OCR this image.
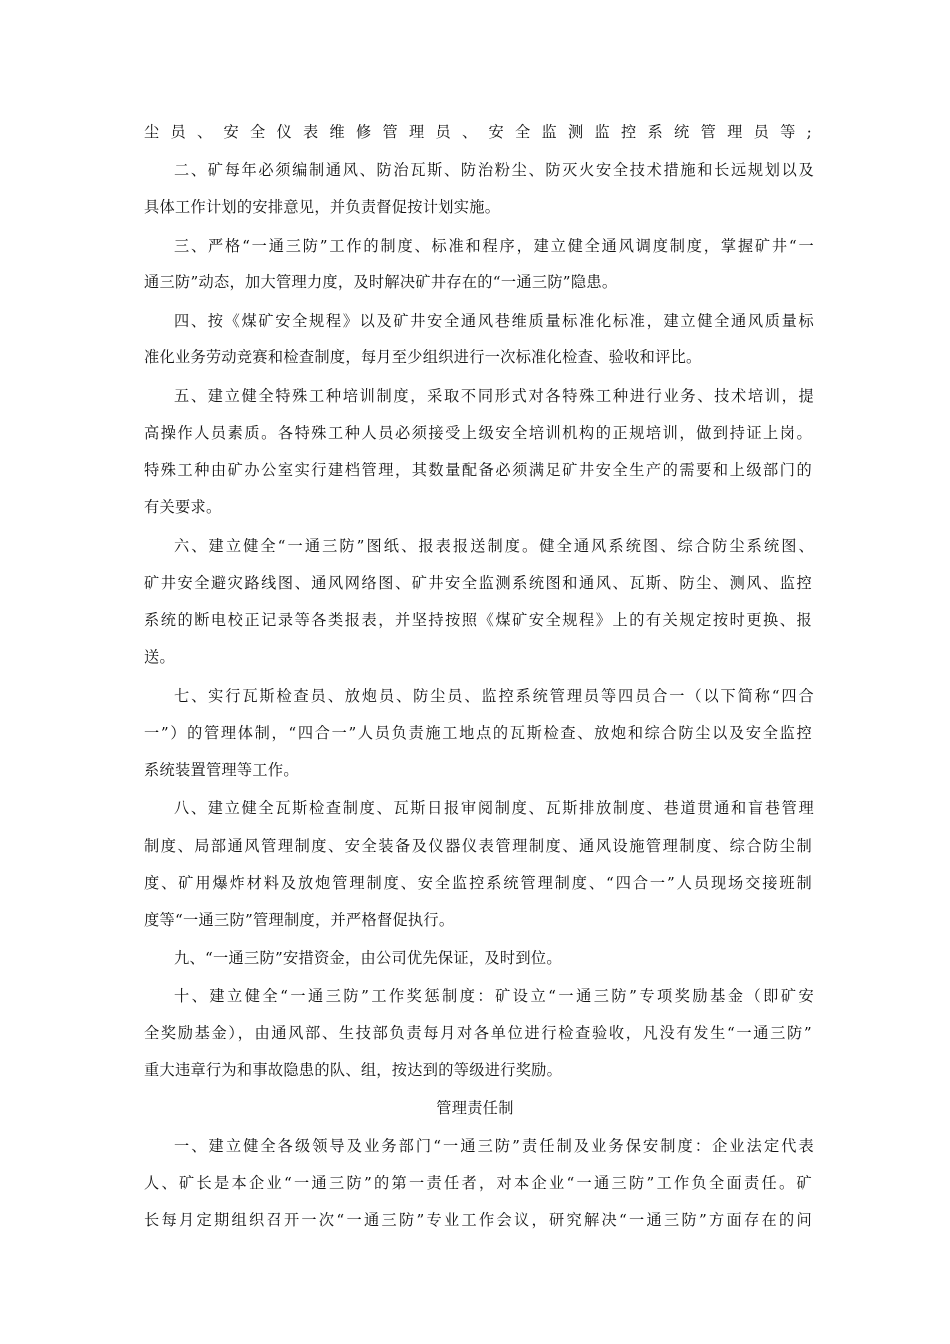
尘员、安全仪表维修管理员、安全监测监控系统管理员等;
二、矿每年必须编制通风、防治瓦斯、防治粉尘、防灭火安全技术措施和长远规划以及
具体工作计划的安排意见，并负责督促按计划实施。
三、严格“一通三防”工作的制度、标准和程序，建立健全通风调度制度，掌握矿井“一
通三防”动态，加大管理力度，及时解决矿井存在的“一通三防”隐患。
四、按《煤矿安全规程》以及矿井安全通风巷维质量标准化标准，建立健全通风质量标
准化业务劳动竞赛和检查制度，每月至少组织进行一次标准化检查、验收和评比。
五、建立健全特殊工种培训制度，采取不同形式对各特殊工种进行业务、技术培训，提
高操作人员素质。各特殊工种人员必须接受上级安全培训机构的正规培训，做到持证上岗。
特殊工种由矿办公室实行建档管理，其数量配备必须满足矿井安全生产的需要和上级部门的
有关要求。
六、建立健全“一通三防”图纸、报表报送制度。健全通风系统图、综合防尘系统图、
矿井安全避灾路线图、通风网络图、矿井安全监测系统图和通风、瓦斯、防尘、测风、监控
系统的断电校正记录等各类报表，并坚持按照《煤矿安全规程》上的有关规定按时更换、报
送。
七、实行瓦斯检查员、放炮员、防尘员、监控系统管理员等四员合一（以下简称“四合
一”）的管理体制，“四合一”人员负责施工地点的瓦斯检查、放炮和综合防尘以及安全监控
系统装置管理等工作。
八、建立健全瓦斯检查制度、瓦斯日报审阅制度、瓦斯排放制度、巷道贯通和盲巷管理
制度、局部通风管理制度、安全装备及仪器仪表管理制度、通风设施管理制度、综合防尘制
度、矿用爆炸材料及放炮管理制度、安全监控系统管理制度、“四合一”人员现场交接班制
度等“一通三防”管理制度，并严格督促执行。
九、“一通三防”安措资金，由公司优先保证，及时到位。
十、建立健全“一通三防”工作奖惩制度：矿设立“一通三防”专项奖励基金（即矿安
全奖励基金），由通风部、生技部负责每月对各单位进行检查验收，凡没有发生“一通三防”
重大违章行为和事故隐患的队、组，按达到的等级进行奖励。
管理责任制
一、建立健全各级领导及业务部门“一通三防”责任制及业务保安制度：企业法定代表
人、矿长是本企业“一通三防”的第一责任者，对本企业“一通三防”工作负全面责任。矿
长每月定期组织召开一次“一通三防”专业工作会议，研究解决“一通三防”方面存在的问
